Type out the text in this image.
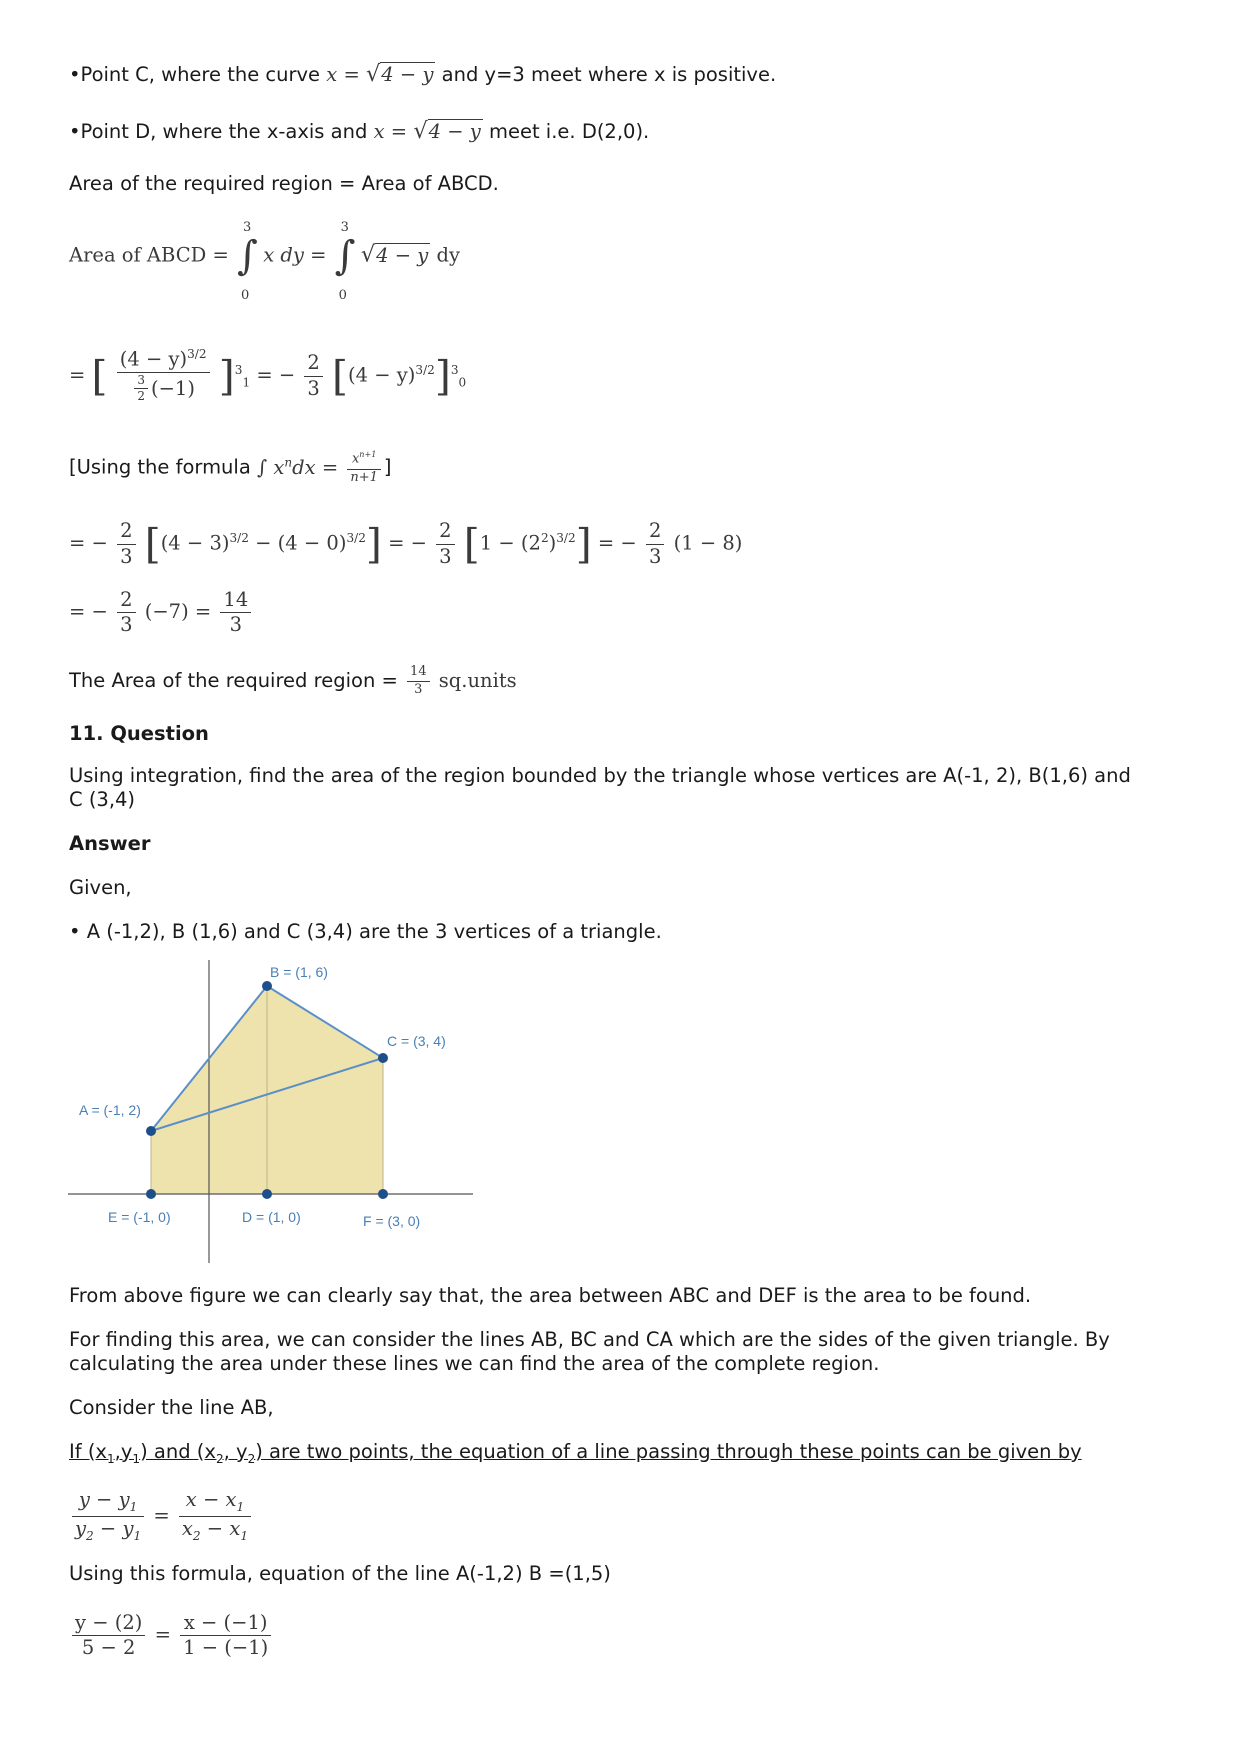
•Point C, where the curve x = √4 − y and y=3 meet where x is positive.
•Point D, where the x-axis and x = √4 − y meet i.e. D(2,0).
Area of the required region = Area of ABCD.
Area of ABCD =
3
∫
0
x dy =
3
∫
0
√4 − y dy
= [ $\frac{(4 - y)^{3/2}}{\frac{3}{2} (-1)} ]^3_1$ = − $\frac{2}{3} [(4 - y)^{3/2}]^3_0$
[Using the formula ∫ $x^ndx = \frac{x^{n+1}}{n+1}$ ]
= − $\frac{2}{3} [(4 - 3)^{3/2} - (4 - 0)^{3/2}]$ = − $\frac{2}{3} [1 - (2^2)^{3/2}]$ = − $\frac{2}{3} (1 - 8)$
= − $\frac{2}{3} (-7) = \frac{14}{3}$
The Area of the required region = $\frac{14}{3}$ sq.units
11. Question
Using integration, find the area of the region bounded by the triangle whose vertices are A(-1, 2), B(1,6) and
C (3,4)
Answer
Given,
• A (-1,2), B (1,6) and C (3,4) are the 3 vertices of a triangle.
A = (-1, 2)
B = (1, 6)
C = (3, 4)
D = (1, 0)
E = (-1, 0)	F = (3, 0)
From above figure we can clearly say that, the area between ABC and DEF is the area to be found.
For finding this area, we can consider the lines AB, BC and CA which are the sides of the given triangle. By
calculating the area under these lines we can find the area of the complete region.
Consider the line AB,
If $(x_1,y_1)$ and ($x_2$, $y_2$) are two points, the equation of a line passing through these points can be given by
$\frac{y - y_1}{y_2 - y_1} = \frac{x - x_1}{x_2 - x_1}$
Using this formula, equation of the line A(-1,2) B =(1,5)
$\frac{y - (2)}{5 - 2} = \frac{x - (-1)}{1 - (-1)}$
